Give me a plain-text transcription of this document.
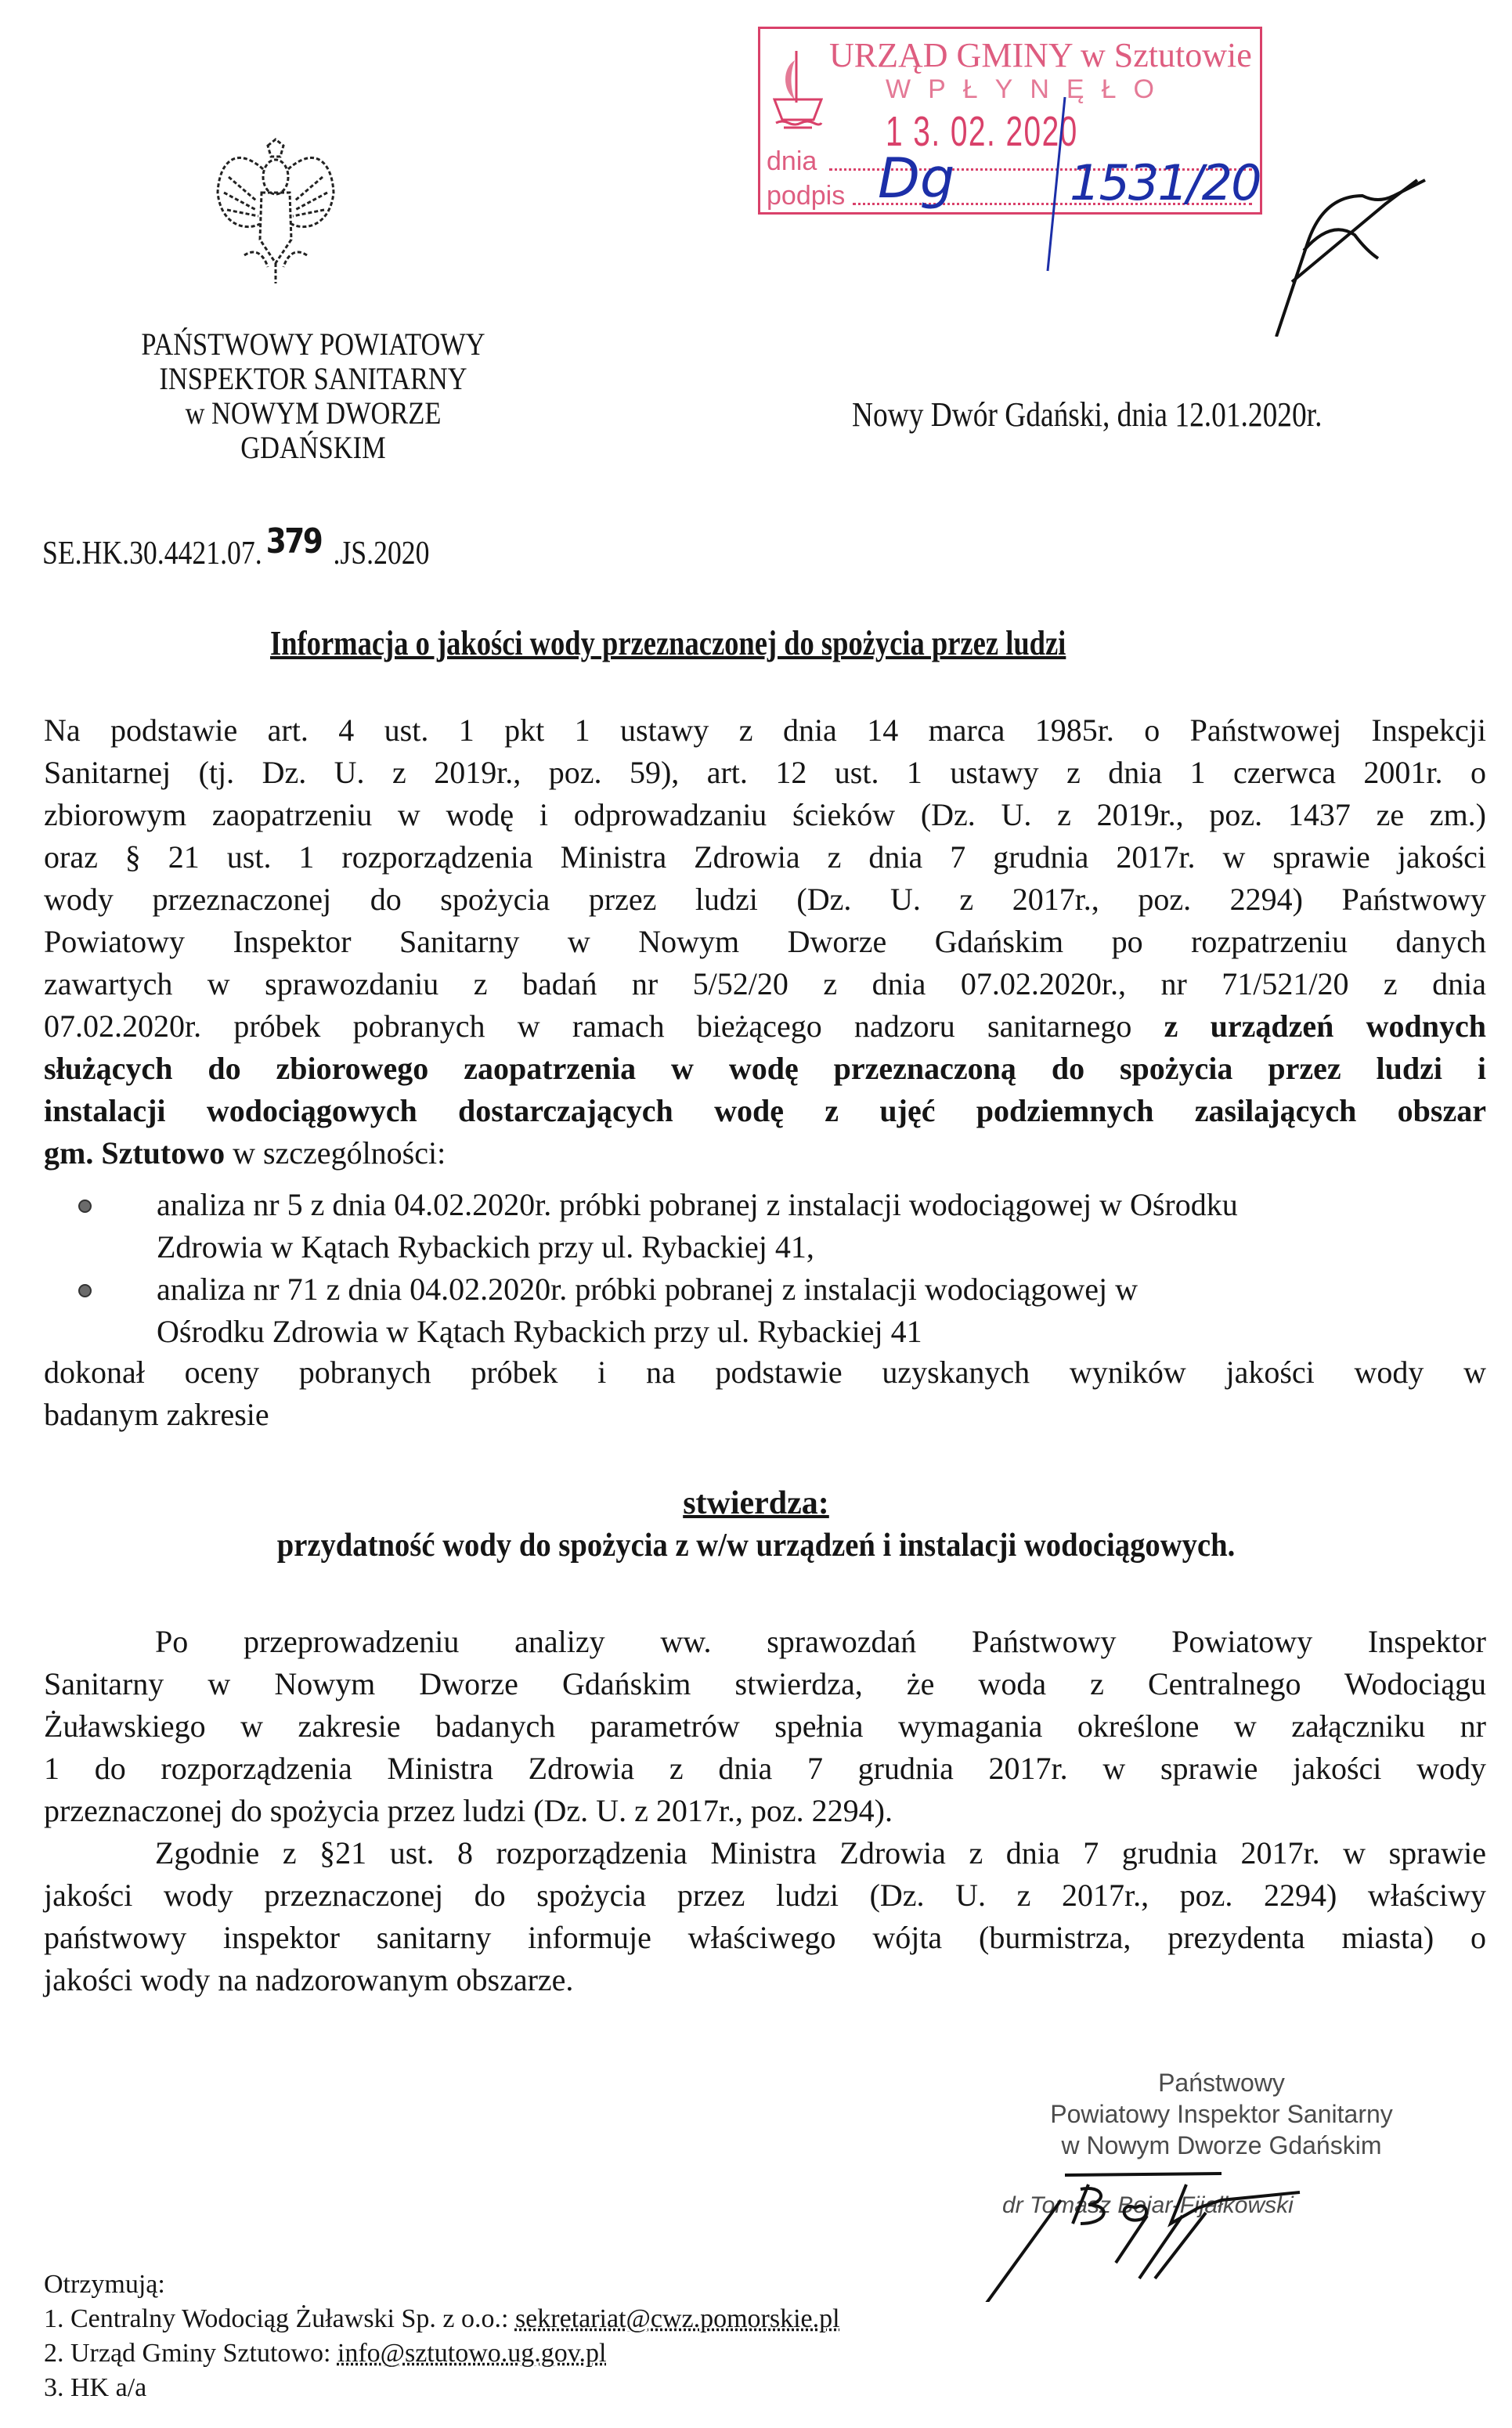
URZĄD GMINY w Sztutowie
WPŁYNĘŁO
1 3. 02. 2020
dnia
podpis Dg 1531/20
PAŃSTWOWY POWIATOWY
INSPEKTOR SANITARNY
w NOWYM DWORZE
GDAŃSKIM
Nowy Dwór Gdański, dnia 12.01.2020r.
SE.HK.30.4421.07. 379 .JS.2020
Informacja o jakości wody przeznaczonej do spożycia przez ludzi
Na podstawie art. 4 ust. 1 pkt 1 ustawy z dnia 14 marca 1985r. o Państwowej Inspekcji
Sanitarnej (tj. Dz. U. z 2019r., poz. 59), art. 12 ust. 1 ustawy z dnia 1 czerwca 2001r. o
zbiorowym zaopatrzeniu w wodę i odprowadzaniu ścieków (Dz. U. z 2019r., poz. 1437 ze zm.)
oraz § 21 ust. 1 rozporządzenia Ministra Zdrowia z dnia 7 grudnia 2017r. w sprawie jakości
wody przeznaczonej do spożycia przez ludzi (Dz. U. z 2017r., poz. 2294) Państwowy
Powiatowy Inspektor Sanitarny w Nowym Dworze Gdańskim po rozpatrzeniu danych
zawartych w sprawozdaniu z badań nr 5/52/20 z dnia 07.02.2020r., nr 71/521/20 z dnia
07.02.2020r. próbek pobranych w ramach bieżącego nadzoru sanitarnego z urządzeń wodnych
służących do zbiorowego zaopatrzenia w wodę przeznaczoną do spożycia przez ludzi i
instalacji wodociągowych dostarczających wodę z ujęć podziemnych zasilających obszar
gm. Sztutowo w szczególności:
analiza nr 5 z dnia 04.02.2020r. próbki pobranej z instalacji wodociągowej w Ośrodku
Zdrowia w Kątach Rybackich przy ul. Rybackiej 41,
analiza nr 71 z dnia 04.02.2020r. próbki pobranej z instalacji wodociągowej w
Ośrodku Zdrowia w Kątach Rybackich przy ul. Rybackiej 41
dokonał oceny pobranych próbek i na podstawie uzyskanych wyników jakości wody w
badanym zakresie
stwierdza:
przydatność wody do spożycia z w/w urządzeń i instalacji wodociągowych.
Po przeprowadzeniu analizy ww. sprawozdań Państwowy Powiatowy Inspektor
Sanitarny w Nowym Dworze Gdańskim stwierdza, że woda z Centralnego Wodociągu
Żuławskiego w zakresie badanych parametrów spełnia wymagania określone w załączniku nr
1 do rozporządzenia Ministra Zdrowia z dnia 7 grudnia 2017r. w sprawie jakości wody
przeznaczonej do spożycia przez ludzi (Dz. U. z 2017r., poz. 2294).
Zgodnie z §21 ust. 8 rozporządzenia Ministra Zdrowia z dnia 7 grudnia 2017r. w sprawie
jakości wody przeznaczonej do spożycia przez ludzi (Dz. U. z 2017r., poz. 2294) właściwy
państwowy inspektor sanitarny informuje właściwego wójta (burmistrza, prezydenta miasta) o
jakości wody na nadzorowanym obszarze.
Państwowy
Powiatowy Inspektor Sanitarny
w Nowym Dworze Gdańskim
dr Tomasz Bojar-Fijałkowski
Otrzymują:
1. Centralny Wodociąg Żuławski Sp. z o.o.: sekretariat@cwz.pomorskie.pl
2. Urząd Gminy Sztutowo: info@sztutowo.ug.gov.pl
3. HK a/a
